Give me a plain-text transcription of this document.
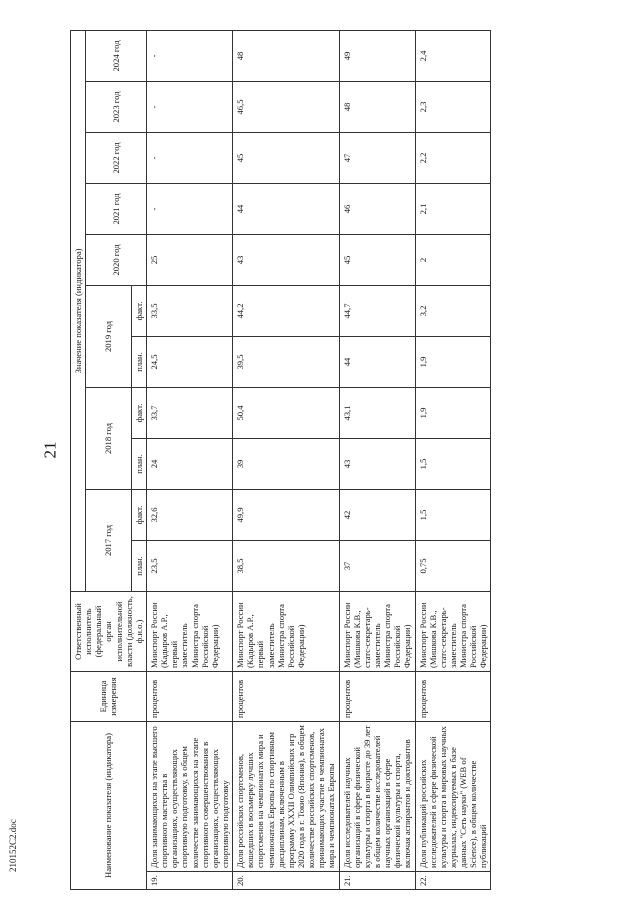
21
210152C2.doc	Наименование показателя (индикатора)		Единица измерения	Ответственный исполнитель (федеральный орган исполнительной власти (должность, ф.и.о.)	Значение показателя (индикатора)										
				2017 год		2018 год		2019 год		2020 год	2021 год	2022 год	2023 год	2024 год
				план.	факт.	план.	факт.	план.	факт.					
19.	Доля занимающихся на этапе высшего спортивного мастерства в организациях, осуществляющих спортивную подготовку, в общем количестве занимающихся на этапе спортивного совершенствования в организациях, осуществляющих спортивную подготовку	процентов	Минспорт России (Кадыров А.Р., первый заместитель Министра спорта Российской Федерации)	23,5	32,6	24	33,7	24,5	33,5	25	-	-	-	-
20.	Доля российских спортсменов, вошедших в восьмерку лучших спортсменов на чемпионатах мира и чемпионатах Европы по спортивным дисциплинам, включенным в программу XXXII Олимпийских игр 2020 года в г. Токио (Япония), в общем количестве российских спортсменов, принимающих участие в чемпионатах мира и чемпионатах Европы	процентов	Минспорт России (Кадыров А.Р., первый заместитель Министра спорта Российской Федерации)	38,5	49,9	39	50,4	39,5	44,2	43	44	45	46,5	48
21.	Доля исследователей научных организаций в сфере физической культуры и спорта в возрасте до 39 лет в общем количестве исследователей научных организаций в сфере физической культуры и спорта, включая аспирантов и докторантов	процентов	Минспорт России (Мишкова К.В., статс-секретарь-заместитель Министра спорта Российской Федерации)	37	42	43	43,1	44	44,7	45	46	47	48	49
22.	Доля публикаций российских исследователей в сфере физической культуры и спорта в мировых научных журналах, индексируемых в базе данных "Сеть науки" (WEB of Science), в общем количестве публикаций	процентов	Минспорт России (Мишкова К.В., статс-секретарь-заместитель Министра спорта Российской Федерации)	0,75	1,5	1,5	1,9	1,9	3,2	2	2,1	2,2	2,3	2,4
